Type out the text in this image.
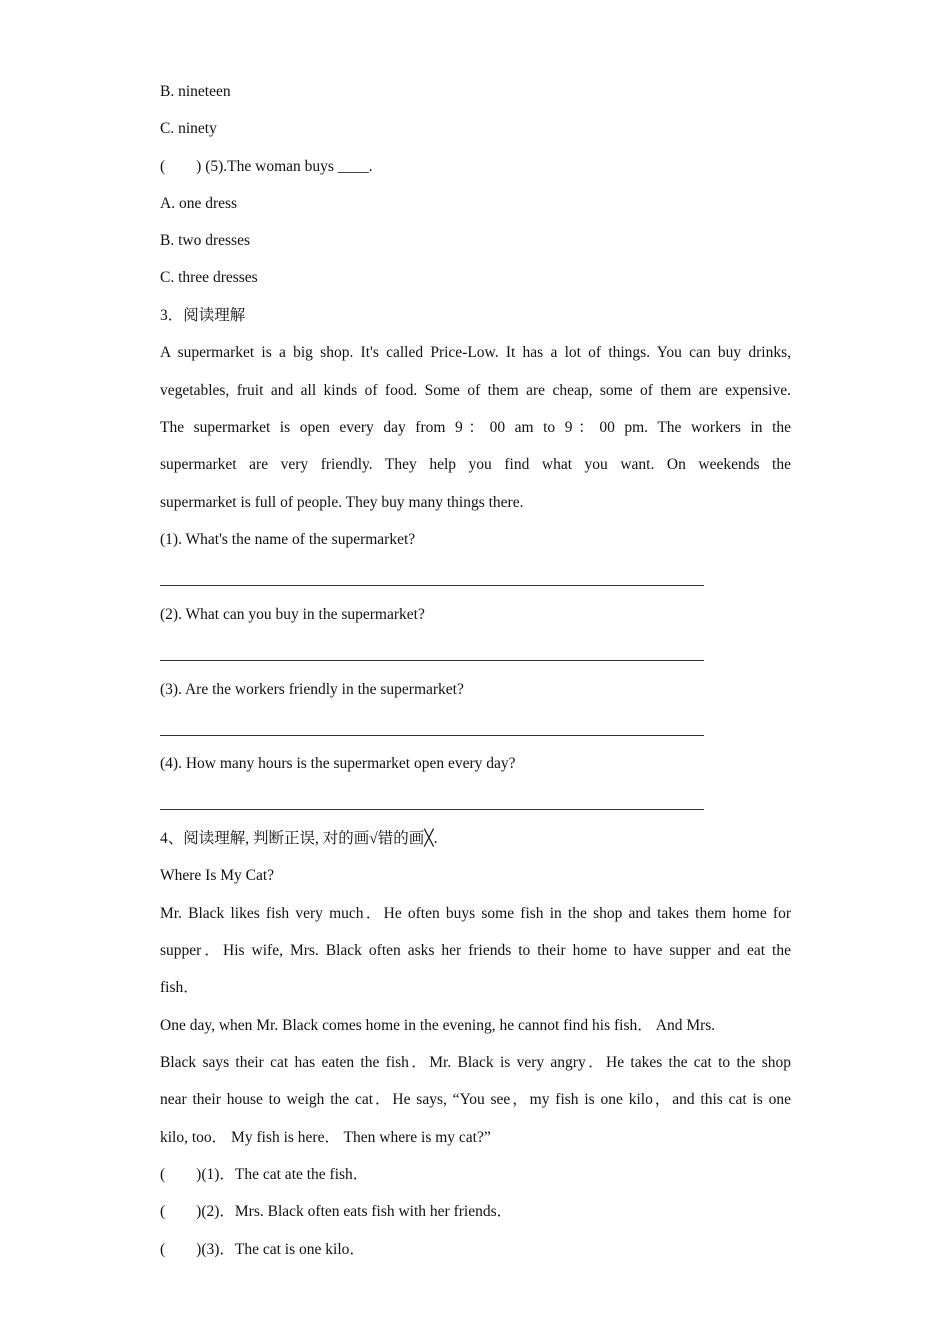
B. nineteen
C. ninety
(        ) (5).The woman buys ____.
A. one dress
B. two dresses
C. three dresses
3．阅读理解
A supermarket is a big shop. It's called Price-Low. It has a lot of things. You can buy drinks,
vegetables, fruit and all kinds of food. Some of them are cheap, some of them are expensive.
The supermarket is open every day from 9：00 am to 9：00 pm. The workers in the
supermarket are very friendly. They help you find what you want. On weekends the
supermarket is full of people. They buy many things there.
(1). What's the name of the supermarket?
(2). What can you buy in the supermarket?
(3). Are the workers friendly in the supermarket?
(4). How many hours is the supermarket open every day?
4、阅读理解, 判断正误, 对的画√错的画╳.
Where Is My Cat?
Mr. Black likes fish very much．He often buys some fish in the shop and takes them home for
supper．His wife, Mrs. Black often asks her friends to their home to have supper and eat the
fish．
One day, when Mr. Black comes home in the evening, he cannot find his fish． And Mrs.
Black says their cat has eaten the fish．Mr. Black is very angry．He takes the cat to the shop
near their house to weigh the cat．He says, “You see，my fish is one kilo，and this cat is one
kilo, too． My fish is here． Then where is my cat?”
(        )(1)．The cat ate the fish．
(        )(2)．Mrs. Black often eats fish with her friends．
(        )(3)．The cat is one kilo．
